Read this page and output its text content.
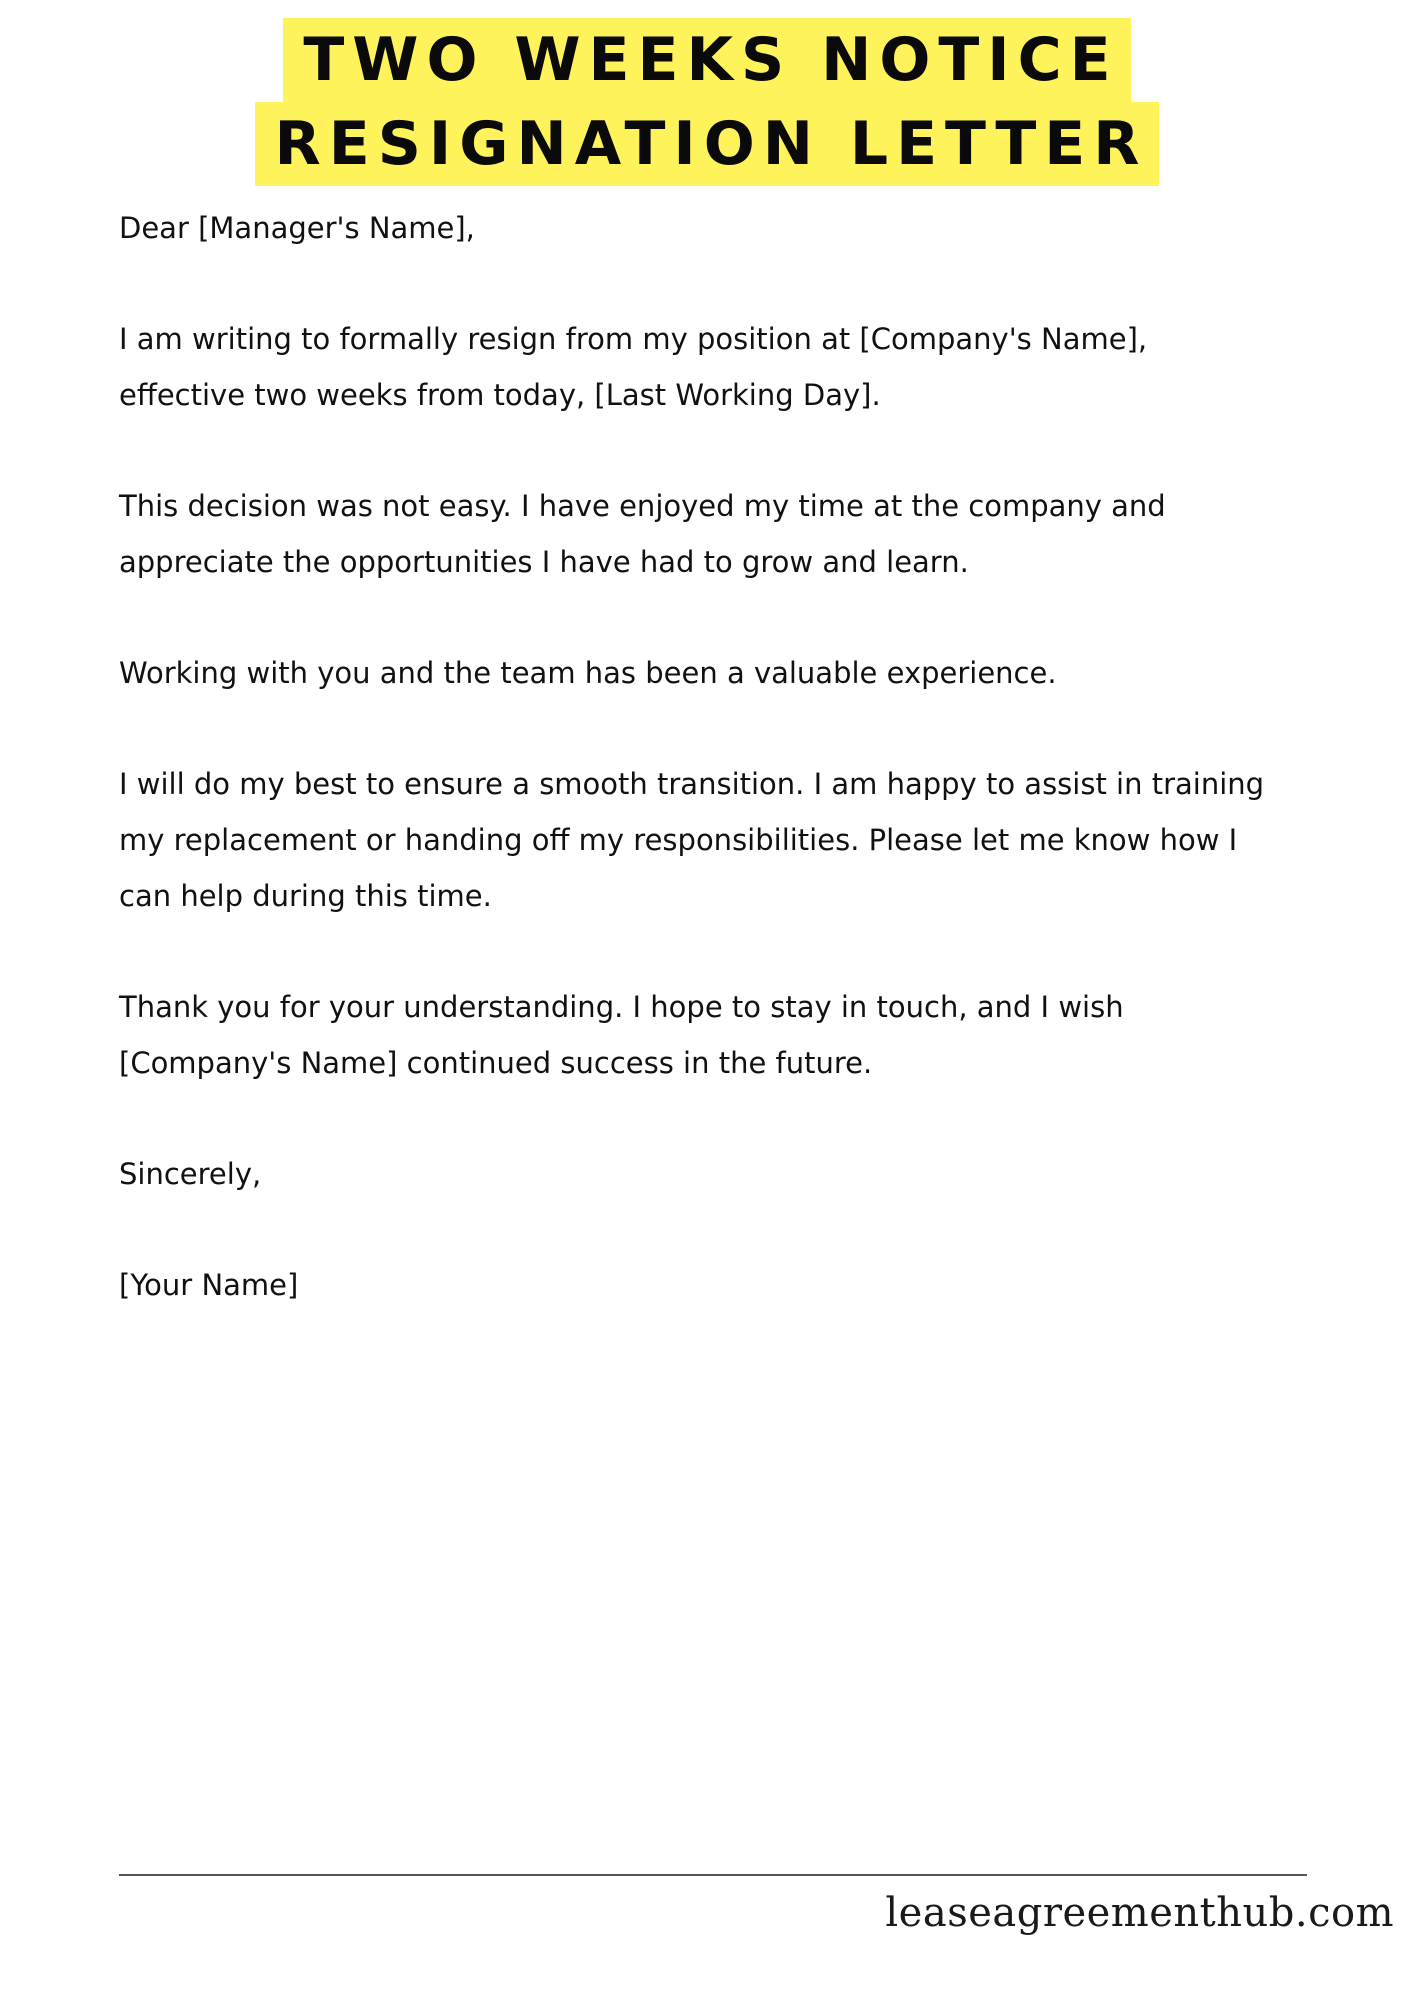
TWO WEEKS NOTICE
RESIGNATION LETTER

Dear [Manager's Name],

I am writing to formally resign from my position at [Company's Name], effective two weeks from today, [Last Working Day].

This decision was not easy. I have enjoyed my time at the company and appreciate the opportunities I have had to grow and learn.

Working with you and the team has been a valuable experience.

I will do my best to ensure a smooth transition. I am happy to assist in training my replacement or handing off my responsibilities. Please let me know how I can help during this time.

Thank you for your understanding. I hope to stay in touch, and I wish [Company's Name] continued success in the future.

Sincerely,

[Your Name]

leaseagreementhub.com
